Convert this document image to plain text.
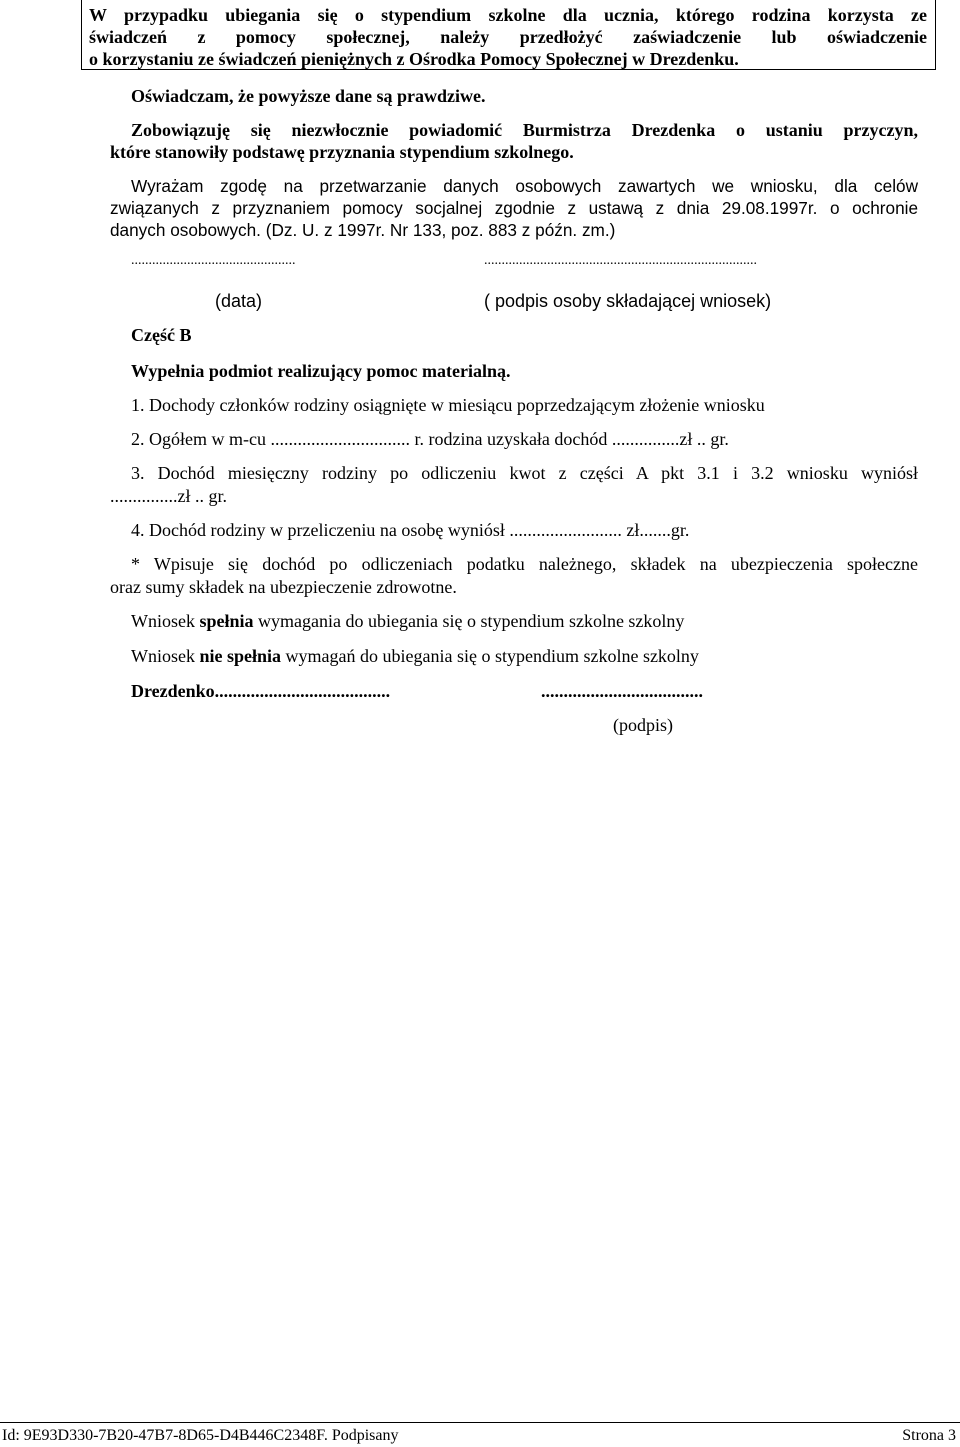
W przypadku ubiegania się o stypendium szkolne dla ucznia, którego rodzina korzysta ze
świadczeń z pomocy społecznej, należy przedłożyć zaświadczenie lub oświadczenie
o korzystaniu ze świadczeń pieniężnych z Ośrodka Pomocy Społecznej w Drezdenku.
Oświadczam, że powyższe dane są prawdziwe.
Zobowiązuję się niezwłocznie powiadomić Burmistrza Drezdenka o ustaniu przyczyn,
które stanowiły podstawę przyznania stypendium szkolnego.
Wyrażam zgodę na przetwarzanie danych osobowych zawartych we wniosku, dla celów
związanych z przyznaniem pomocy socjalnej zgodnie z ustawą z dnia 29.08.1997r. o ochronie
danych osobowych. (Dz. U. z 1997r. Nr 133, poz. 883 z późn. zm.)
...............................................	..............................................................................
(data)	( podpis osoby składającej wniosek)
Część B
Wypełnia podmiot realizujący pomoc materialną.
1. Dochody członków rodziny osiągnięte w miesiącu poprzedzającym złożenie wniosku
2. Ogółem w m-cu ............................... r. rodzina uzyskała dochód ...............zł .. gr.
3. Dochód miesięczny rodziny po odliczeniu kwot z części A pkt 3.1 i 3.2 wniosku wyniósł
...............zł .. gr.
4. Dochód rodziny w przeliczeniu na osobę wyniósł ......................... zł.......gr.
* Wpisuje się dochód po odliczeniach podatku należnego, składek na ubezpieczenia społeczne
oraz sumy składek na ubezpieczenie zdrowotne.
Wniosek spełnia wymagania do ubiegania się o stypendium szkolne szkolny
Wniosek nie spełnia wymagań do ubiegania się o stypendium szkolne szkolny
Drezdenko.......................................	....................................
(podpis)
Id: 9E93D330-7B20-47B7-8D65-D4B446C2348F. Podpisany	Strona 3
